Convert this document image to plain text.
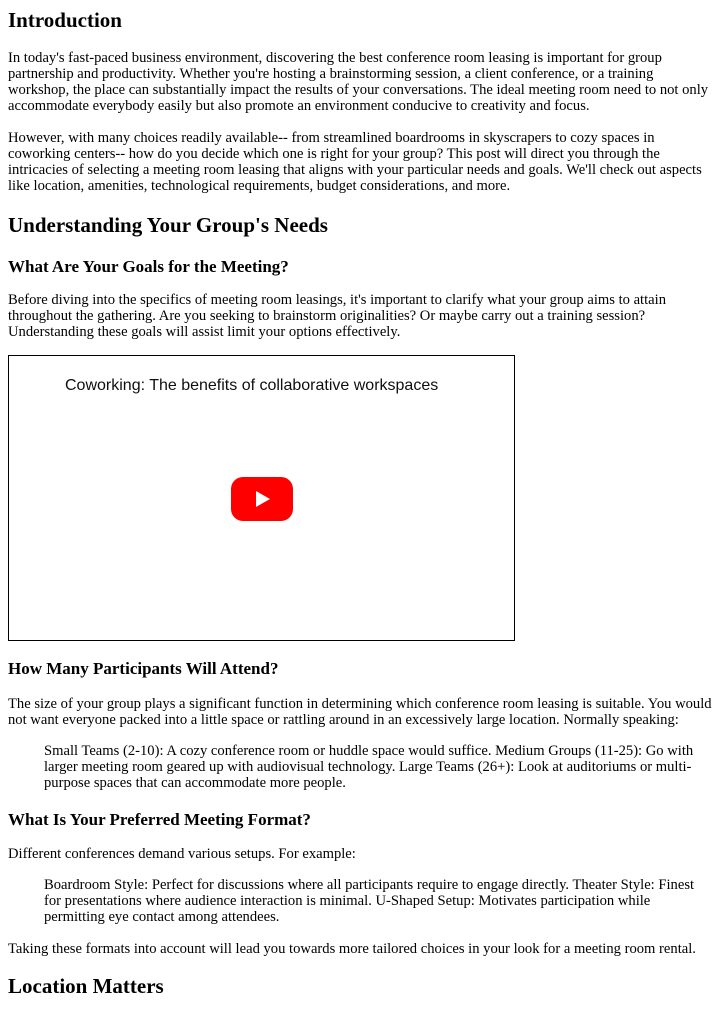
Introduction

In today's fast-paced business environment, discovering the best conference room leasing is important for group partnership and productivity. Whether you're hosting a brainstorming session, a client conference, or a training workshop, the place can substantially impact the results of your conversations. The ideal meeting room need to not only accommodate everybody easily but also promote an environment conducive to creativity and focus.

However, with many choices readily available-- from streamlined boardrooms in skyscrapers to cozy spaces in coworking centers-- how do you decide which one is right for your group? This post will direct you through the intricacies of selecting a meeting room leasing that aligns with your particular needs and goals. We'll check out aspects like location, amenities, technological requirements, budget considerations, and more.

Understanding Your Group's Needs
What Are Your Goals for the Meeting?

Before diving into the specifics of meeting room leasings, it's important to clarify what your group aims to attain throughout the gathering. Are you seeking to brainstorm originalities? Or maybe carry out a training session? Understanding these goals will assist limit your options effectively.

Coworking: The benefits of collaborative workspaces
How Many Participants Will Attend?

The size of your group plays a significant function in determining which conference room leasing is suitable. You would not want everyone packed into a little space or rattling around in an excessively large location. Normally speaking:

Small Teams (2-10): A cozy conference room or huddle space would suffice. Medium Groups (11-25): Go with larger meeting room geared up with audiovisual technology. Large Teams (26+): Look at auditoriums or multi-purpose spaces that can accommodate more people.
What Is Your Preferred Meeting Format?

Different conferences demand various setups. For example:

Boardroom Style: Perfect for discussions where all participants require to engage directly. Theater Style: Finest for presentations where audience interaction is minimal. U-Shaped Setup: Motivates participation while permitting eye contact among attendees.

Taking these formats into account will lead you towards more tailored choices in your look for a meeting room rental.

Location Matters
